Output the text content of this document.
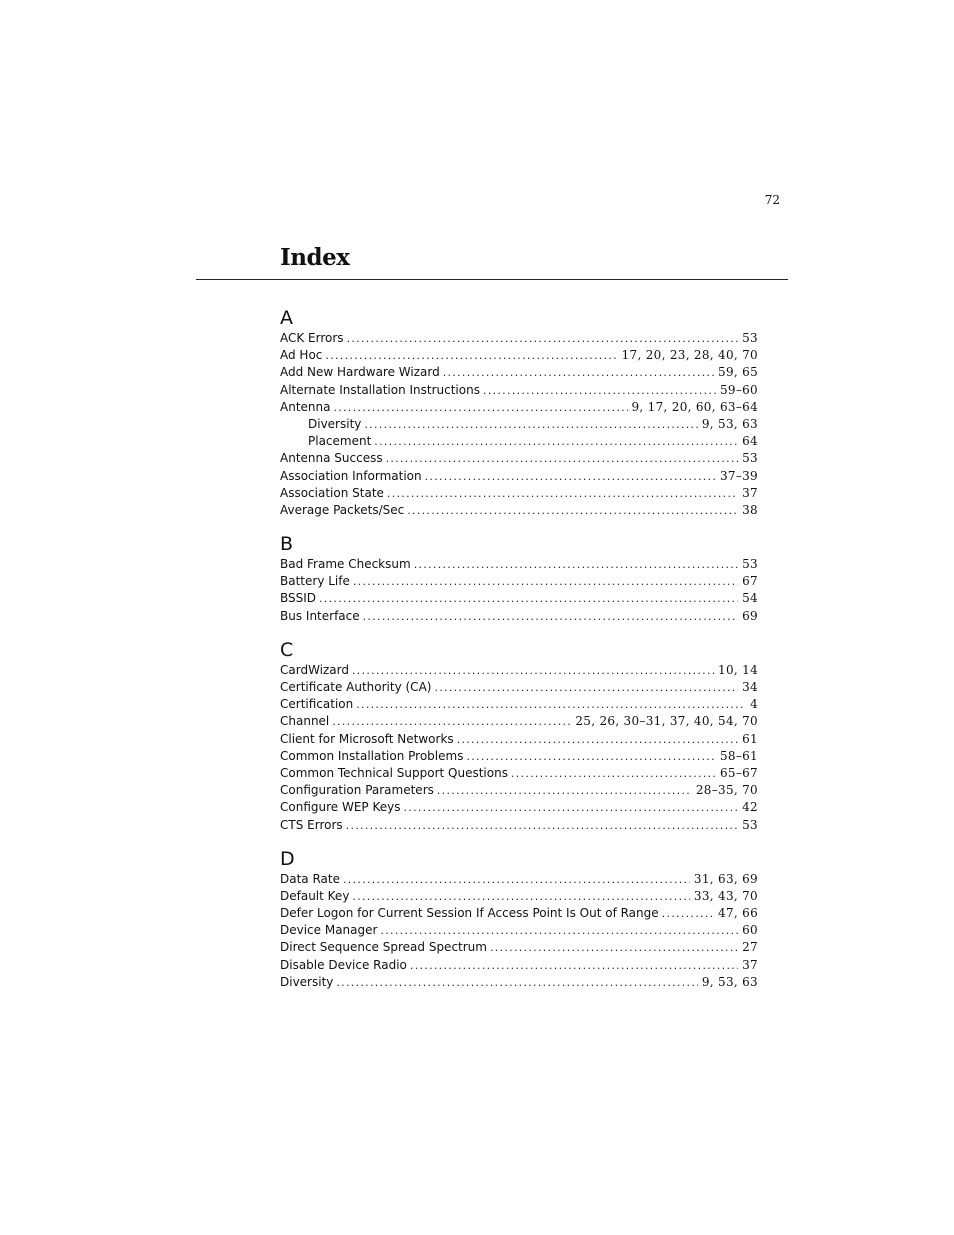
72
Index
A
ACK Errors .....	53
Ad Hoc .....	17, 20, 23, 28, 40, 70
Add New Hardware Wizard .....	59, 65
Alternate Installation Instructions .....	59–60
Antenna .....	9, 17, 20, 60, 63–64
Diversity .....	9, 53, 63
Placement .....	64
Antenna Success .....	53
Association Information .....	37–39
Association State .....	37
Average Packets/Sec .....	38
B
Bad Frame Checksum .....	53
Battery Life .....	67
BSSID .....	54
Bus Interface .....	69
C
CardWizard .....	10, 14
Certificate Authority (CA) .....	34
Certification .....	4
Channel .....	25, 26, 30–31, 37, 40, 54, 70
Client for Microsoft Networks .....	61
Common Installation Problems .....	58–61
Common Technical Support Questions .....	65–67
Configuration Parameters .....	28–35, 70
Configure WEP Keys .....	42
CTS Errors .....	53
D
Data Rate .....	31, 63, 69
Default Key .....	33, 43, 70
Defer Logon for Current Session If Access Point Is Out of Range .....	47, 66
Device Manager .....	60
Direct Sequence Spread Spectrum .....	27
Disable Device Radio .....	37
Diversity .....	9, 53, 63
